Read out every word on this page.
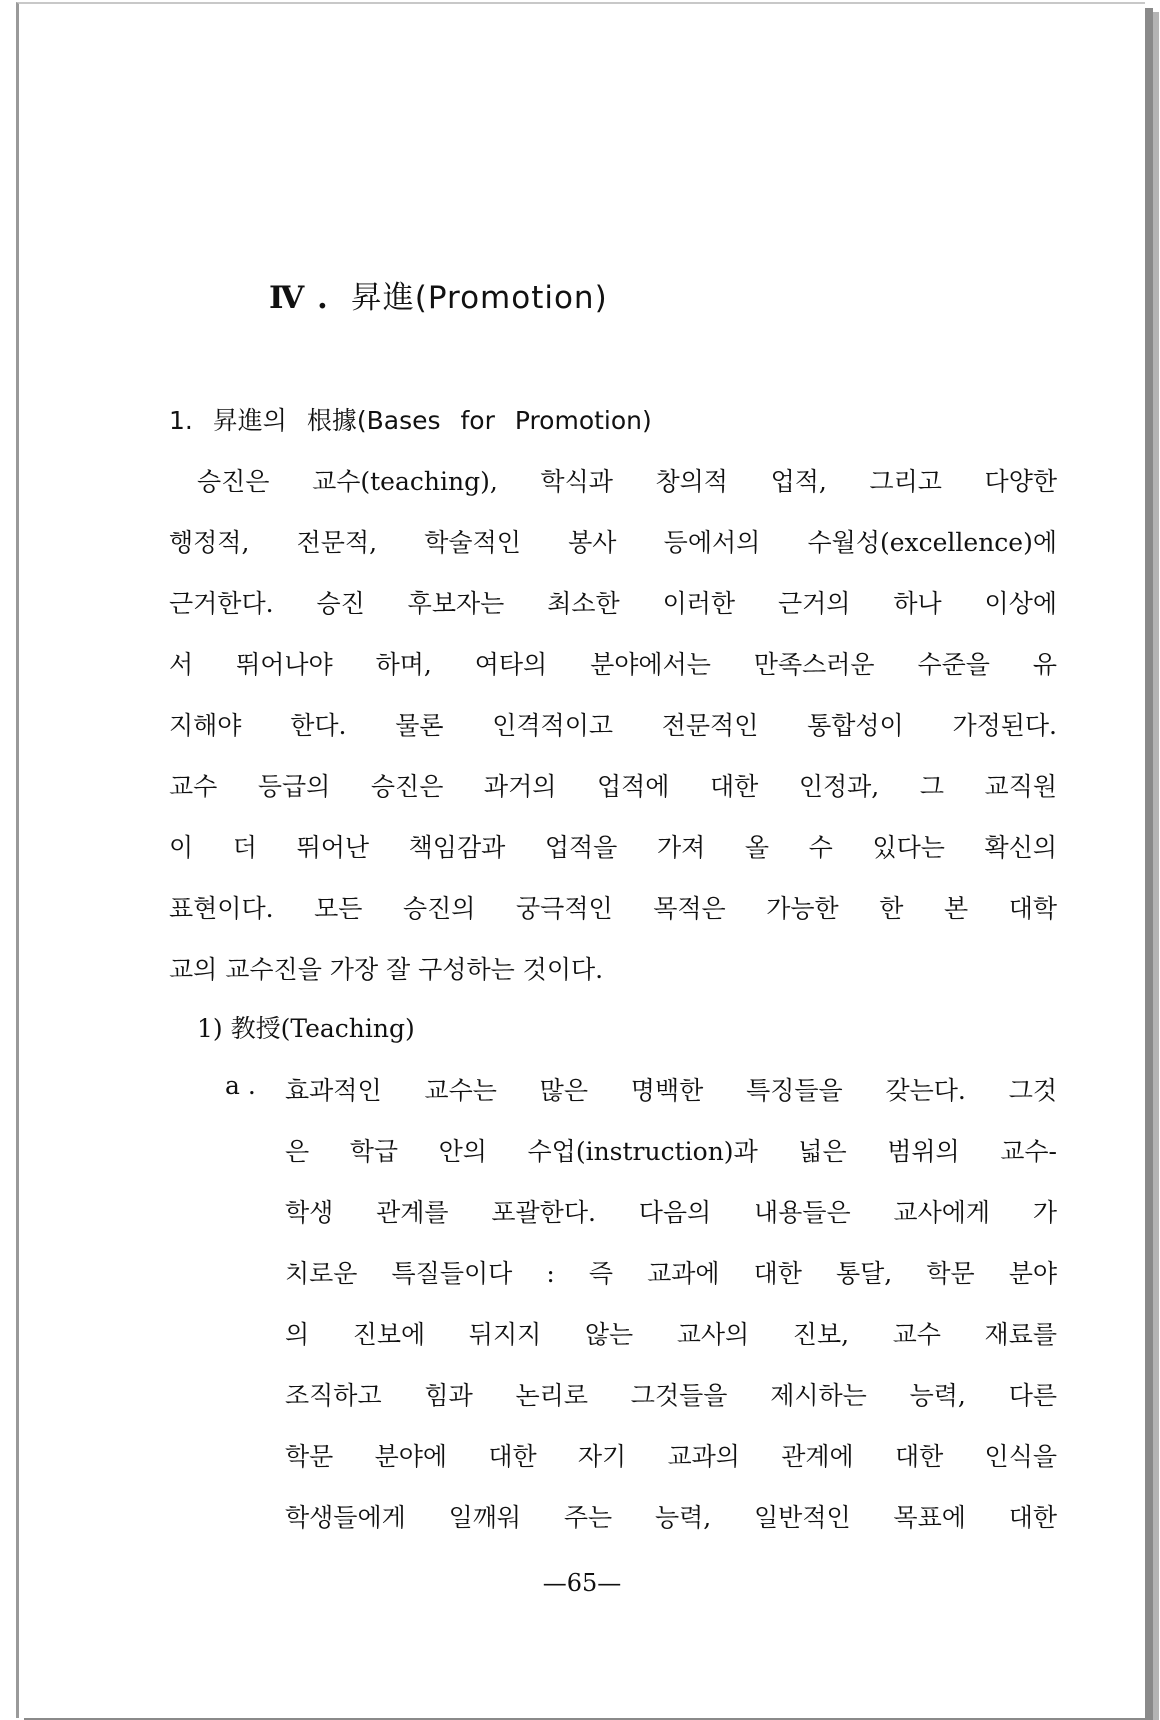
Ⅳ . 昇進(Promotion)
1. 昇進의 根據(Bases for Promotion)
승진은 교수(teaching), 학식과 창의적 업적, 그리고 다양한
행정적, 전문적, 학술적인 봉사 등에서의 수월성(excellence)에
근거한다. 승진 후보자는 최소한 이러한 근거의 하나 이상에
서 뛰어나야 하며, 여타의 분야에서는 만족스러운 수준을 유
지해야 한다. 물론 인격적이고 전문적인 통합성이 가정된다.
교수 등급의 승진은 과거의 업적에 대한 인정과, 그 교직원
이 더 뛰어난 책임감과 업적을 가져 올 수 있다는 확신의
표현이다. 모든 승진의 궁극적인 목적은 가능한 한 본 대학
교의 교수진을 가장 잘 구성하는 것이다.
1) 教授(Teaching)
a . 효과적인 교수는 많은 명백한 특징들을 갖는다. 그것
은 학급 안의 수업(instruction)과 넓은 범위의 교수-
학생 관계를 포괄한다. 다음의 내용들은 교사에게 가
치로운 특질들이다 : 즉 교과에 대한 통달, 학문 분야
의 진보에 뒤지지 않는 교사의 진보, 교수 재료를
조직하고 힘과 논리로 그것들을 제시하는 능력, 다른
학문 분야에 대한 자기 교과의 관계에 대한 인식을
학생들에게 일깨워 주는 능력, 일반적인 목표에 대한
—65—
